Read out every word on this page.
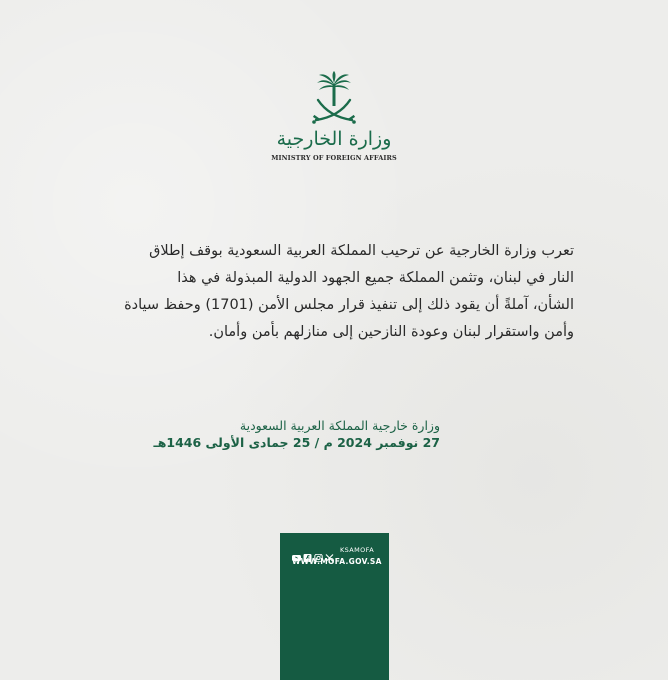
وزارة الخارجية
MINISTRY OF FOREIGN AFFAIRS

تعرب وزارة الخارجية عن ترحيب المملكة العربية السعودية بوقف إطلاق

النار في لبنان، وتثمن المملكة جميع الجهود الدولية المبذولة في هذا

الشأن، آملةً أن يقود ذلك إلى تنفيذ قرار مجلس الأمن (1701) وحفظ سيادة

وأمن واستقرار لبنان وعودة النازحين إلى منازلهم بأمن وأمان.

وزارة خارجية المملكة العربية السعودية
27 نوفمبر 2024 م / 25 جمادى الأولى 1446هـ
KSAMOFA
WWW.MOFA.GOV.SA
